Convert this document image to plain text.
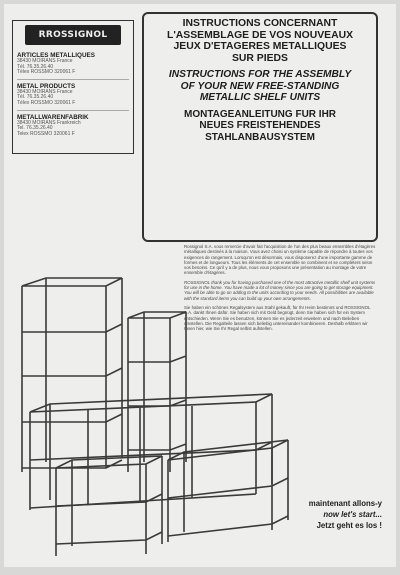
RROSSIGNOL
ARTICLES METALLIQUES
38430 MOIRANS France
Tél. 76.35.26.40
Télex ROSSMO 320061 F
METAL PRODUCTS
38430 MOIRANS France
Tél. 76.35.26.40
Télex ROSSMO 320061 F
METALLWARENFABRIK
38430 MOIRANS Frankreich
Tel. 76.35.26.40
Telex ROSSMO 320061 F
INSTRUCTIONS CONCERNANT
L'ASSEMBLAGE DE VOS NOUVEAUX
JEUX D'ETAGERES METALLIQUES
SUR PIEDS
INSTRUCTIONS FOR THE ASSEMBLY
OF YOUR NEW FREE-STANDING
METALLIC SHELF UNITS
MONTAGEANLEITUNG FUR IHR
NEUES FREISTEHENDES
STAHLANBAUSYSTEM

Rossignol S.A. vous remercie d'avoir fait l'acquisition de l'un des plus beaux ensembles d'étagères métalliques destinés à la maison. Vous avez choisi un système capable de répondre à toutes vos exigences de rangement. Lorsqu'on est désormais, vous disposerez d'une importante gamme de formes et de longueurs. Tous les éléments de cet ensemble se combinent et se complètent selon vos besoins. Ce qu'il y a de plus, nous vous proposons une présentation au montage de votre ensemble d'étagères.

ROSSIGNOL thank you for having purchased one of the most attractive metallic shelf unit systems for use in the home. You have made a lot of money since you are going to get storage equipment. You will be able to go on adding to the units according to your needs. All possibilities are available with the standard items you can build up your own arrangements.

Sie haben ein schönes Regalsystem aus Stahl gekauft, für Ihr Heim bestimmt und ROSSIGNOL S.A. dankt Ihnen dafür. Sie haben sich mit Geld begnügt, denn Sie haben sich für ein System entschieden. Wenn Sie es benutzen, können Sie es jederzeit erweitern und nach Belieben umstellen. Die Regalteile lassen sich beliebig untereinander kombinieren. Deshalb erklären wir Ihnen hier, wie Sie Ihr Regal selbst aufstellen.

maintenant allons-y
now let's start...
Jetzt geht es los !
